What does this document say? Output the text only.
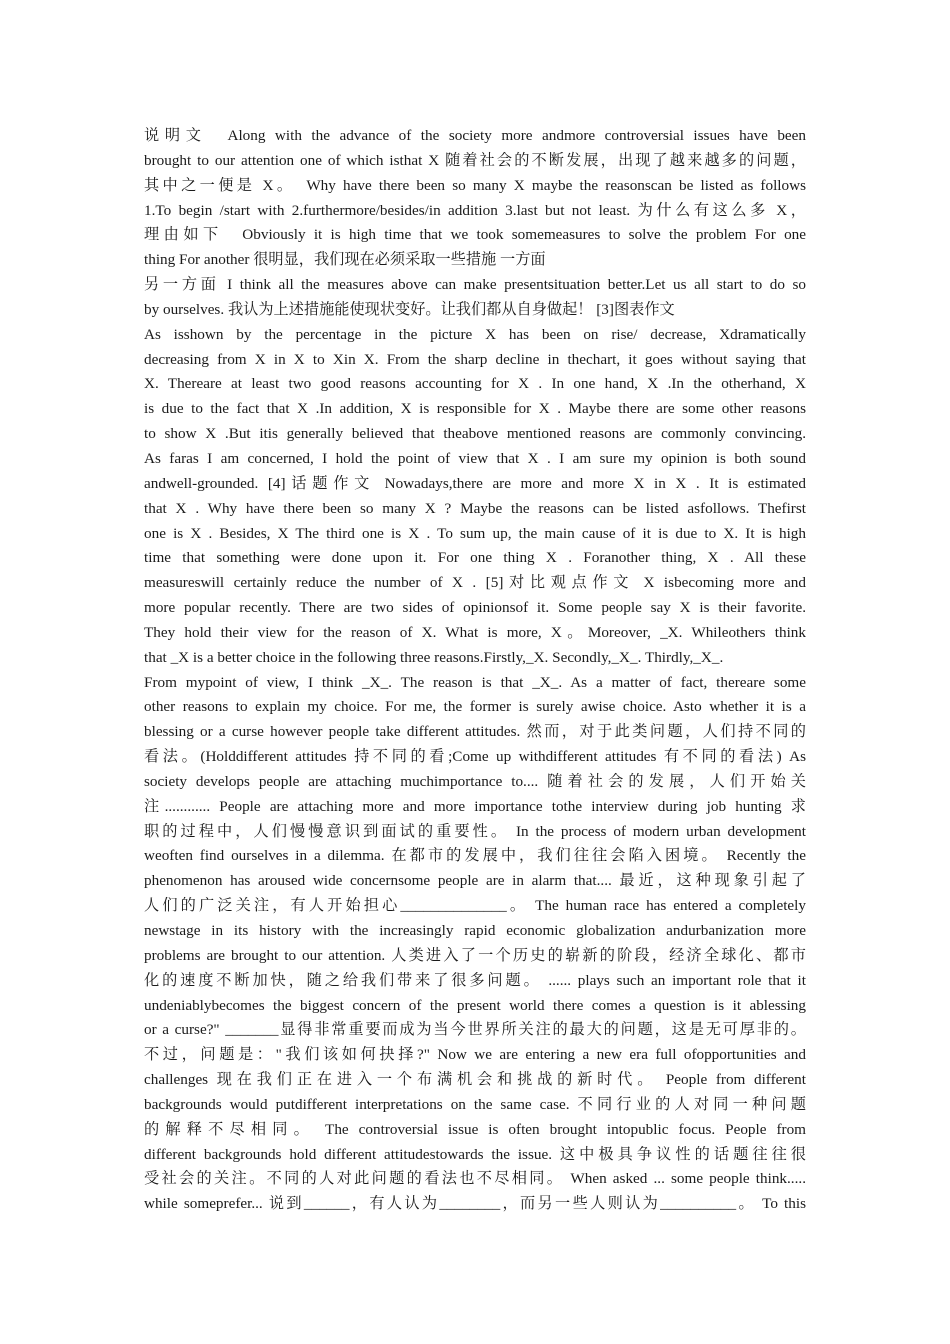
说明文　Along with the advance of the society more andmore controversial issues have been
brought to our attention one of which isthat X 随着社会的不断发展，出现了越来越多的问题，
其中之一便是 X。　Why have there been so many X maybe the reasonscan be listed as follows
1.To begin /start with 2.furthermore/besides/in addition 3.last but not least. 为什么有这么多 X，
理由如下　Obviously it is high time that we took somemeasures to solve the problem For one
thing For another 很明显，我们现在必须采取一些措施 一方面
另一方面 I think all the measures above can make presentsituation better.Let us all start to do so
by ourselves. 我认为上述措施能使现状变好。让我们都从自身做起！ [3]图表作文
As isshown by the percentage in the picture X has been on rise/ decrease, Xdramatically
decreasing from X in X to Xin X. From the sharp decline in thechart, it goes without saying that
X. Thereare at least two good reasons accounting for X . In one hand, X .In the otherhand, X
is due to the fact that X .In addition, X is responsible for X . Maybe there are some other reasons
to show X .But itis generally believed that theabove mentioned reasons are commonly convincing.
As faras I am concerned, I hold the point of view that X . I am sure my opinion is both sound
andwell-grounded. [4]话题作文 Nowadays,there are more and more X in X . It is estimated
that X . Why have there been so many X ? Maybe the reasons can be listed asfollows. Thefirst
one is X . Besides, X The third one is X . To sum up, the main cause of it is due to X. It is high
time that something were done upon it. For one thing X . Foranother thing, X . All these
measureswill certainly reduce the number of X . [5]对比观点作文 X isbecoming more and
more popular recently. There are two sides of opinionsof it. Some people say X is their favorite.
They hold their view for the reason of X. What is more, X。Moreover, _X. Whileothers think
that _X is a better choice in the following three reasons.Firstly,_X. Secondly,_X_. Thirdly,_X_.
From mypoint of view, I think _X_. The reason is that _X_. As a matter of fact, thereare some
other reasons to explain my choice. For me, the former is surely awise choice. Asto whether it is a
blessing or a curse however people take different attitudes. 然而，对于此类问题，人们持不同的
看法。(Holddifferent attitudes 持不同的看;Come up withdifferent attitudes 有不同的看法) As
society develops people are attaching muchimportance to.... 随着社会的发展，人们开始关
注............ People are attaching more and more importance tothe interview during job hunting 求
职的过程中，人们慢慢意识到面试的重要性。 In the process of modern urban development
weoften find ourselves in a dilemma. 在都市的发展中，我们往往会陷入困境。 Recently the
phenomenon has aroused wide concernsome people are in alarm that.... 最近，这种现象引起了
人们的广泛关注，有人开始担心______________。 The human race has entered a completely
newstage in its history with the increasingly rapid economic globalization andurbanization more
problems are brought to our attention. 人类进入了一个历史的崭新的阶段，经济全球化、都市
化的速度不断加快，随之给我们带来了很多问题。 ...... plays such an important role that it
undeniablybecomes the biggest concern of the present world there comes a question is it ablessing
or a curse?" _______显得非常重要而成为当今世界所关注的最大的问题，这是无可厚非的。
不过，问题是："我们该如何抉择?" Now we are entering a new era full ofopportunities and
challenges 现在我们正在进入一个布满机会和挑战的新时代。 People from different
backgrounds would putdifferent interpretations on the same case. 不同行业的人对同一种问题
的解释不尽相同。 The controversial issue is often brought intopublic focus. People from
different backgrounds hold different attitudestowards the issue. 这中极具争议性的话题往往很
受社会的关注。不同的人对此问题的看法也不尽相同。 When asked ... some people think.....
while someprefer... 说到______，有人认为________，而另一些人则认为__________。 To this
